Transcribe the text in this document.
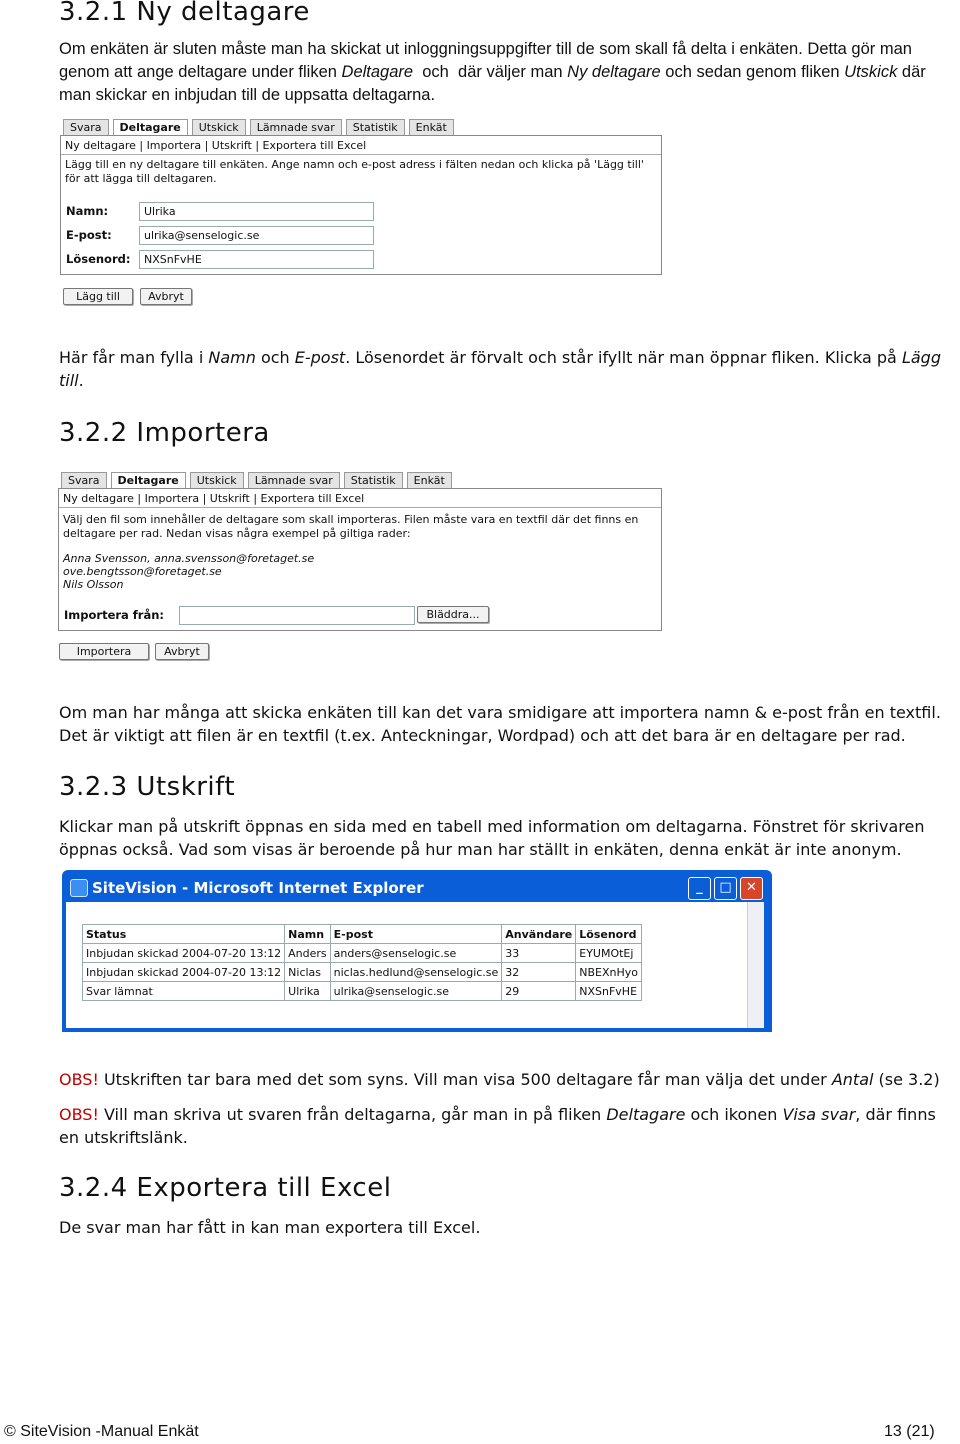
3.2.1 Ny deltagare

Om enkäten är sluten måste man ha skickat ut inloggningsuppgifter till de som skall få delta i enkäten. Detta gör man genom att ange deltagare under fliken Deltagare  och  där väljer man Ny deltagare och sedan genom fliken Utskick där man skickar en inbjudan till de uppsatta deltagarna.

Svara	Deltagare	Utskick	Lämnade svar	Statistik	Enkät
Ny deltagare | Importera | Utskrift | Exportera till Excel
Lägg till en ny deltagare till enkäten. Ange namn och e-post adress i fälten nedan och klicka på 'Lägg till' för att lägga till deltagaren.
Namn:	Ulrika
E-post:	ulrika@senselogic.se
Lösenord:	NXSnFvHE
Lägg till	Avbryt

Här får man fylla i Namn och E-post. Lösenordet är förvalt och står ifyllt när man öppnar fliken. Klicka på Lägg till.

3.2.2 Importera
Svara	Deltagare	Utskick	Lämnade svar	Statistik	Enkät
Ny deltagare | Importera | Utskrift | Exportera till Excel
Välj den fil som innehåller de deltagare som skall importeras. Filen måste vara en textfil där det finns en deltagare per rad. Nedan visas några exempel på giltiga rader:
Anna Svensson, anna.svensson@foretaget.se
ove.bengtsson@foretaget.se
Nils Olsson
Importera från:	Bläddra...
Importera	Avbryt

Om man har många att skicka enkäten till kan det vara smidigare att importera namn & e-post från en textfil. Det är viktigt att filen är en textfil (t.ex. Anteckningar, Wordpad) och att det bara är en deltagare per rad.

3.2.3 Utskrift

Klickar man på utskrift öppnas en sida med en tabell med information om deltagarna. Fönstret för skrivaren öppnas också. Vad som visas är beroende på hur man har ställt in enkäten, denna enkät är inte anonym.

SiteVision - Microsoft Internet Explorer	_	□	✕
Status	Namn	E-post	Användare	Lösenord
Inbjudan skickad 2004-07-20 13:12	Anders	anders@senselogic.se	33	EYUMOtEj
Inbjudan skickad 2004-07-20 13:12	Niclas	niclas.hedlund@senselogic.se	32	NBEXnHyo
Svar lämnat	Ulrika	ulrika@senselogic.se	29	NXSnFvHE

OBS! Utskriften tar bara med det som syns. Vill man visa 500 deltagare får man välja det under Antal (se 3.2)

OBS! Vill man skriva ut svaren från deltagarna, går man in på fliken Deltagare och ikonen Visa svar, där finns en utskriftslänk.

3.2.4 Exportera till Excel

De svar man har fått in kan man exportera till Excel.

© SiteVision -Manual Enkät	13 (21)
